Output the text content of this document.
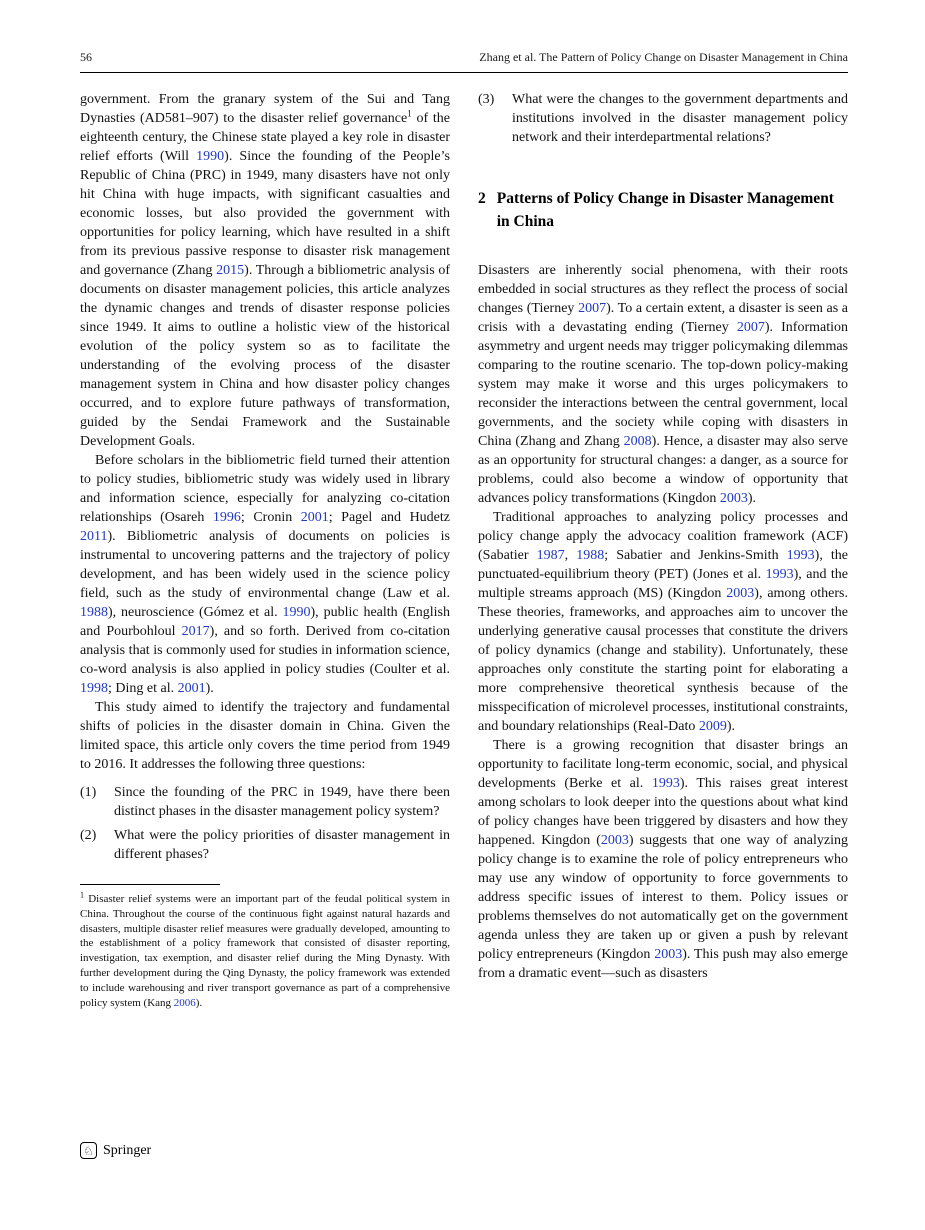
56	Zhang et al. The Pattern of Policy Change on Disaster Management in China

government. From the granary system of the Sui and Tang Dynasties (AD581–907) to the disaster relief governance$^1$ of the eighteenth century, the Chinese state played a key role in disaster relief efforts (Will 1990). Since the founding of the People’s Republic of China (PRC) in 1949, many disasters have not only hit China with huge impacts, with significant casualties and economic losses, but also provided the government with opportunities for policy learning, which have resulted in a shift from its previous passive response to disaster risk management and governance (Zhang 2015). Through a bibliometric analysis of documents on disaster management policies, this article analyzes the dynamic changes and trends of disaster response policies since 1949. It aims to outline a holistic view of the historical evolution of the policy system so as to facilitate the understanding of the evolving process of the disaster management system in China and how disaster policy changes occurred, and to explore future pathways of transformation, guided by the Sendai Framework and the Sustainable Development Goals.

Before scholars in the bibliometric field turned their attention to policy studies, bibliometric study was widely used in library and information science, especially for analyzing co-citation relationships (Osareh 1996; Cronin 2001; Pagel and Hudetz 2011). Bibliometric analysis of documents on policies is instrumental to uncovering patterns and the trajectory of policy development, and has been widely used in the science policy field, such as the study of environmental change (Law et al. 1988), neuroscience (Gómez et al. 1990), public health (English and Pourbohloul 2017), and so forth. Derived from co-citation analysis that is commonly used for studies in information science, co-word analysis is also applied in policy studies (Coulter et al. 1998; Ding et al. 2001).

This study aimed to identify the trajectory and fundamental shifts of policies in the disaster domain in China. Given the limited space, this article only covers the time period from 1949 to 2016. It addresses the following three questions:

(1)	Since the founding of the PRC in 1949, have there been distinct phases in the disaster management policy system?
(2)	What were the policy priorities of disaster management in different phases?

$^1$ Disaster relief systems were an important part of the feudal political system in China. Throughout the course of the continuous fight against natural hazards and disasters, multiple disaster relief measures were gradually developed, amounting to the establishment of a policy framework that consisted of disaster reporting, investigation, tax exemption, and disaster relief during the Ming Dynasty. With further development during the Qing Dynasty, the policy framework was extended to include warehousing and river transport governance as part of a comprehensive policy system (Kang 2006).

(3)	What were the changes to the government departments and institutions involved in the disaster management policy network and their interdepartmental relations?
2 Patterns of Policy Change in Disaster Management in China

Disasters are inherently social phenomena, with their roots embedded in social structures as they reflect the process of social changes (Tierney 2007). To a certain extent, a disaster is seen as a crisis with a devastating ending (Tierney 2007). Information asymmetry and urgent needs may trigger policymaking dilemmas comparing to the routine scenario. The top-down policy-making system may make it worse and this urges policymakers to reconsider the interactions between the central government, local governments, and the society while coping with disasters in China (Zhang and Zhang 2008). Hence, a disaster may also serve as an opportunity for structural changes: a danger, as a source for problems, could also become a window of opportunity that advances policy transformations (Kingdon 2003).

Traditional approaches to analyzing policy processes and policy change apply the advocacy coalition framework (ACF) (Sabatier 1987, 1988; Sabatier and Jenkins-Smith 1993), the punctuated-equilibrium theory (PET) (Jones et al. 1993), and the multiple streams approach (MS) (Kingdon 2003), among others. These theories, frameworks, and approaches aim to uncover the underlying generative causal processes that constitute the drivers of policy dynamics (change and stability). Unfortunately, these approaches only constitute the starting point for elaborating a more comprehensive theoretical synthesis because of the misspecification of microlevel processes, institutional constraints, and boundary relationships (Real-Dato 2009).

There is a growing recognition that disaster brings an opportunity to facilitate long-term economic, social, and physical developments (Berke et al. 1993). This raises great interest among scholars to look deeper into the questions about what kind of policy changes have been triggered by disasters and how they happened. Kingdon (2003) suggests that one way of analyzing policy change is to examine the role of policy entrepreneurs who may use any window of opportunity to force governments to address specific issues of interest to them. Policy issues or problems themselves do not automatically get on the government agenda unless they are taken up or given a push by relevant policy entrepreneurs (Kingdon 2003). This push may also emerge from a dramatic event—such as disasters

♘ Springer
